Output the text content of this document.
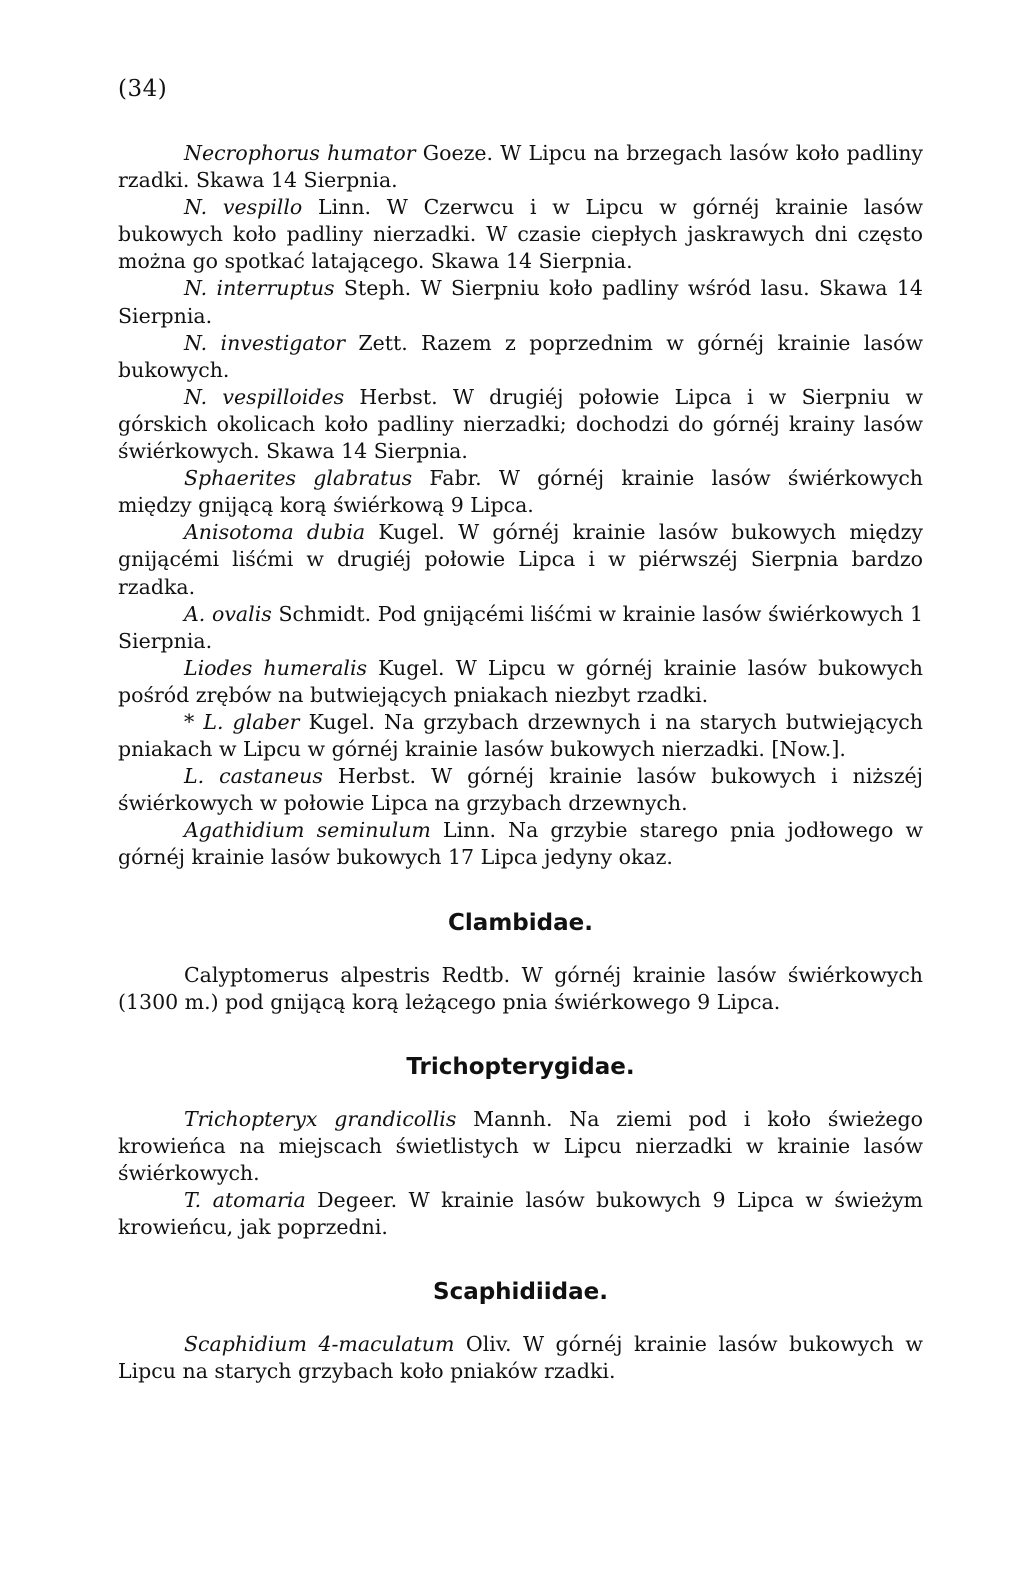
(34)

Necrophorus humator Goeze. W Lipcu na brzegach lasów koło padliny rzadki. Skawa 14 Sierpnia.

N. vespillo Linn. W Czerwcu i w Lipcu w górnéj krainie lasów bukowych koło padliny nierzadki. W czasie ciepłych jaskrawych dni często można go spotkać latającego. Skawa 14 Sierpnia.

N. interruptus Steph. W Sierpniu koło padliny wśród lasu. Skawa 14 Sierpnia.

N. investigator Zett. Razem z poprzednim w górnéj krainie lasów bukowych.

N. vespilloides Herbst. W drugiéj połowie Lipca i w Sierpniu w górskich okolicach koło padliny nierzadki; dochodzi do górnéj krainy lasów świérkowych. Skawa 14 Sierpnia.

Sphaerites glabratus Fabr. W górnéj krainie lasów świérkowych między gnijącą korą świérkową 9 Lipca.

Anisotoma dubia Kugel. W górnéj krainie lasów bukowych między gnijącémi liśćmi w drugiéj połowie Lipca i w piérwszéj Sierpnia bardzo rzadka.

A. ovalis Schmidt. Pod gnijącémi liśćmi w krainie lasów świérkowych 1 Sierpnia.

Liodes humeralis Kugel. W Lipcu w górnéj krainie lasów bukowych pośród zrębów na butwiejących pniakach niezbyt rzadki.

* L. glaber Kugel. Na grzybach drzewnych i na starych butwiejących pniakach w Lipcu w górnéj krainie lasów bukowych nierzadki. [Now.].

L. castaneus Herbst. W górnéj krainie lasów bukowych i niższéj świérkowych w połowie Lipca na grzybach drzewnych.

Agathidium seminulum Linn. Na grzybie starego pnia jodłowego w górnéj krainie lasów bukowych 17 Lipca jedyny okaz.

Clambidae.

Calyptomerus alpestris Redtb. W górnéj krainie lasów świérkowych (1300 m.) pod gnijącą korą leżącego pnia świérkowego 9 Lipca.

Trichopterygidae.

Trichopteryx grandicollis Mannh. Na ziemi pod i koło świeżego krowieńca na miejscach świetlistych w Lipcu nierzadki w krainie lasów świérkowych.

T. atomaria Degeer. W krainie lasów bukowych 9 Lipca w świeżym krowieńcu, jak poprzedni.

Scaphidiidae.

Scaphidium 4-maculatum Oliv. W górnéj krainie lasów bukowych w Lipcu na starych grzybach koło pniaków rzadki.
